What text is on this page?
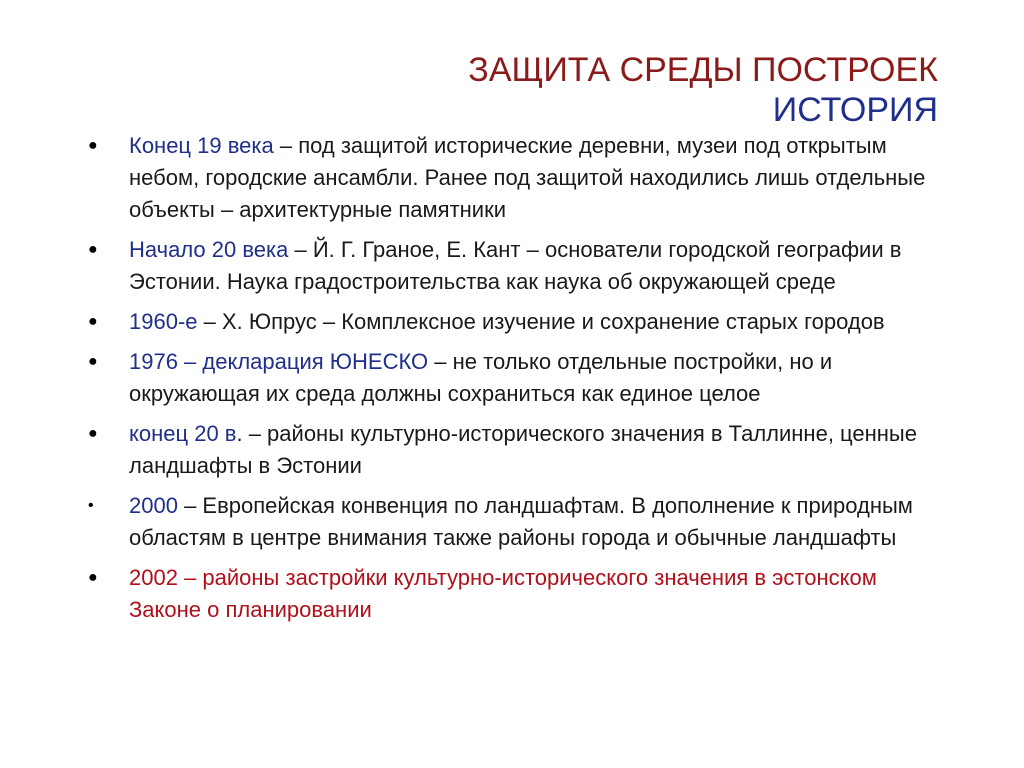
ЗАЩИТА СРЕДЫ ПОСТРОЕК
ИСТОРИЯ
● Конец 19 века – под защитой исторические деревни, музеи под открытым небом, городские ансамбли. Ранее под защитой находились лишь отдельные объекты – архитектурные памятники
● Начало 20 века – Й. Г. Граное, Е. Кант – основатели городской географии в Эстонии. Наука градостроительства как наука об окружающей среде
● 1960-е – Х. Юпрус – Комплексное изучение и сохранение старых городов
● 1976 – декларация ЮНЕСКО – не только отдельные постройки, но и окружающая их среда должны сохраниться как единое целое
● конец 20 в. – районы культурно-исторического значения в Таллинне, ценные ландшафты в Эстонии
• 2000 – Европейская конвенция по ландшафтам. В дополнение к природным областям в центре внимания также районы города и обычные ландшафты
● 2002 – районы застройки культурно-исторического значения в эстонском Законе о планировании
